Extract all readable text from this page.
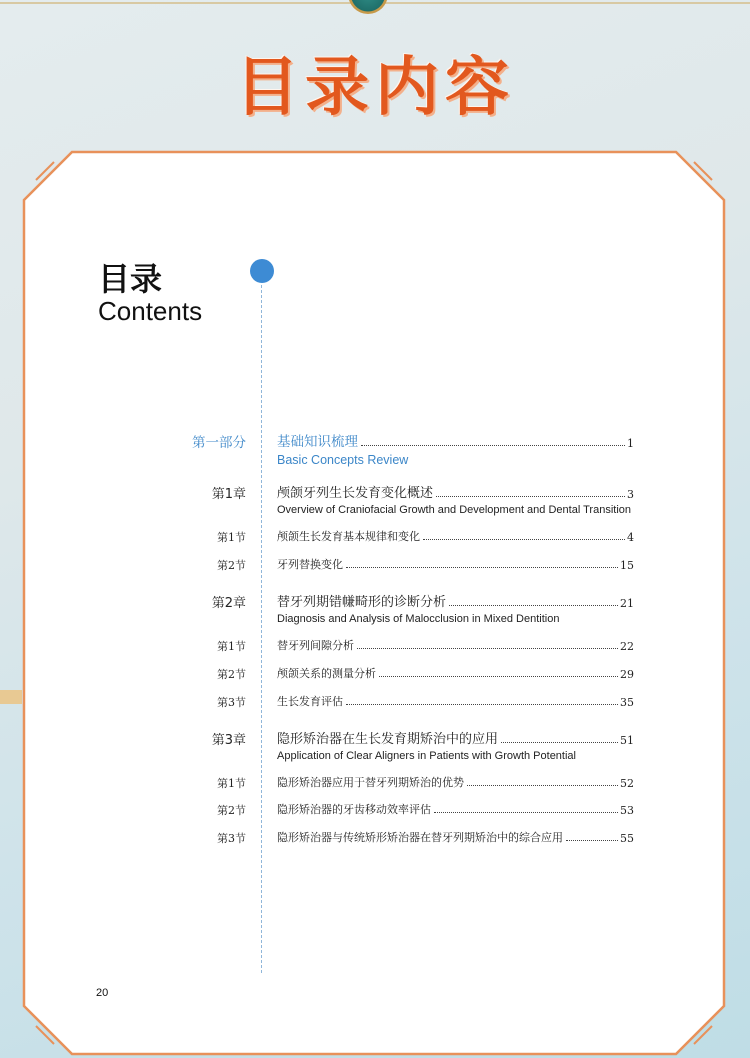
目录内容
目录
Contents
第一部分 基础知识梳理	1
Basic Concepts Review
第1章 颅颌牙列生长发育变化概述	3
Overview of Craniofacial Growth and Development and Dental Transition
第1节	颅颌生长发育基本规律和变化	4
第2节	牙列替换变化	15
第2章 替牙列期错㡘畸形的诊断分析	21
Diagnosis and Analysis of Malocclusion in Mixed Dentition
第1节	替牙列间隙分析	22
第2节	颅颌关系的测量分析	29
第3节	生长发育评估	35
第3章 隐形矫治器在生长发育期矫治中的应用	51
Application of Clear Aligners in Patients with Growth Potential
第1节	隐形矫治器应用于替牙列期矫治的优势	52
第2节	隐形矫治器的牙齿移动效率评估	53
第3节	隐形矫治器与传统矫形矫治器在替牙列期矫治中的综合应用	55
20
